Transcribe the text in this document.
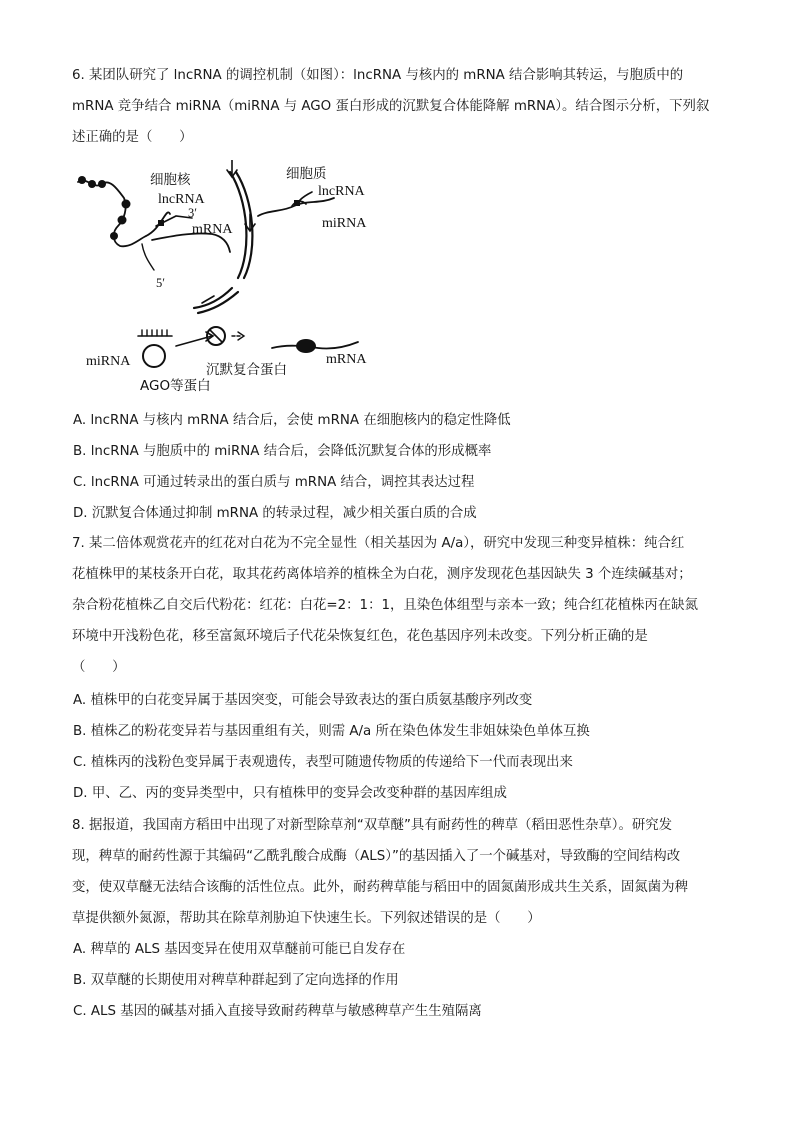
6. 某团队研究了 lncRNA 的调控机制（如图）：lncRNA 与核内的 mRNA 结合影响其转运，与胞质中的
mRNA 竞争结合 miRNA（miRNA 与 AGO 蛋白形成的沉默复合体能降解 mRNA）。结合图示分析，下列叙
述正确的是（　　）
细胞核	细胞质
lncRNA
3′
mRNA
5′
lncRNA
miRNA
miRNA
AGO等蛋白
沉默复合蛋白
mRNA
A. lncRNA 与核内 mRNA 结合后，会使 mRNA 在细胞核内的稳定性降低
B. lncRNA 与胞质中的 miRNA 结合后，会降低沉默复合体的形成概率
C. lncRNA 可通过转录出的蛋白质与 mRNA 结合，调控其表达过程
D. 沉默复合体通过抑制 mRNA 的转录过程，减少相关蛋白质的合成
7. 某二倍体观赏花卉的红花对白花为不完全显性（相关基因为 A/a），研究中发现三种变异植株：纯合红
花植株甲的某枝条开白花，取其花药离体培养的植株全为白花，测序发现花色基因缺失 3 个连续碱基对；
杂合粉花植株乙自交后代粉花：红花：白花=2：1：1，且染色体组型与亲本一致；纯合红花植株丙在缺氮
环境中开浅粉色花，移至富氮环境后子代花朵恢复红色，花色基因序列未改变。下列分析正确的是
（　　）
A. 植株甲的白花变异属于基因突变，可能会导致表达的蛋白质氨基酸序列改变
B. 植株乙的粉花变异若与基因重组有关，则需 A/a 所在染色体发生非姐妹染色单体互换
C. 植株丙的浅粉色变异属于表观遗传，表型可随遗传物质的传递给下一代而表现出来
D. 甲、乙、丙的变异类型中，只有植株甲的变异会改变种群的基因库组成
8. 据报道，我国南方稻田中出现了对新型除草剂“双草醚”具有耐药性的稗草（稻田恶性杂草）。研究发
现，稗草的耐药性源于其编码“乙酰乳酸合成酶（ALS）”的基因插入了一个碱基对，导致酶的空间结构改
变，使双草醚无法结合该酶的活性位点。此外，耐药稗草能与稻田中的固氮菌形成共生关系，固氮菌为稗
草提供额外氮源，帮助其在除草剂胁迫下快速生长。下列叙述错误的是（　　）
A. 稗草的 ALS 基因变异在使用双草醚前可能已自发存在
B. 双草醚的长期使用对稗草种群起到了定向选择的作用
C. ALS 基因的碱基对插入直接导致耐药稗草与敏感稗草产生生殖隔离
